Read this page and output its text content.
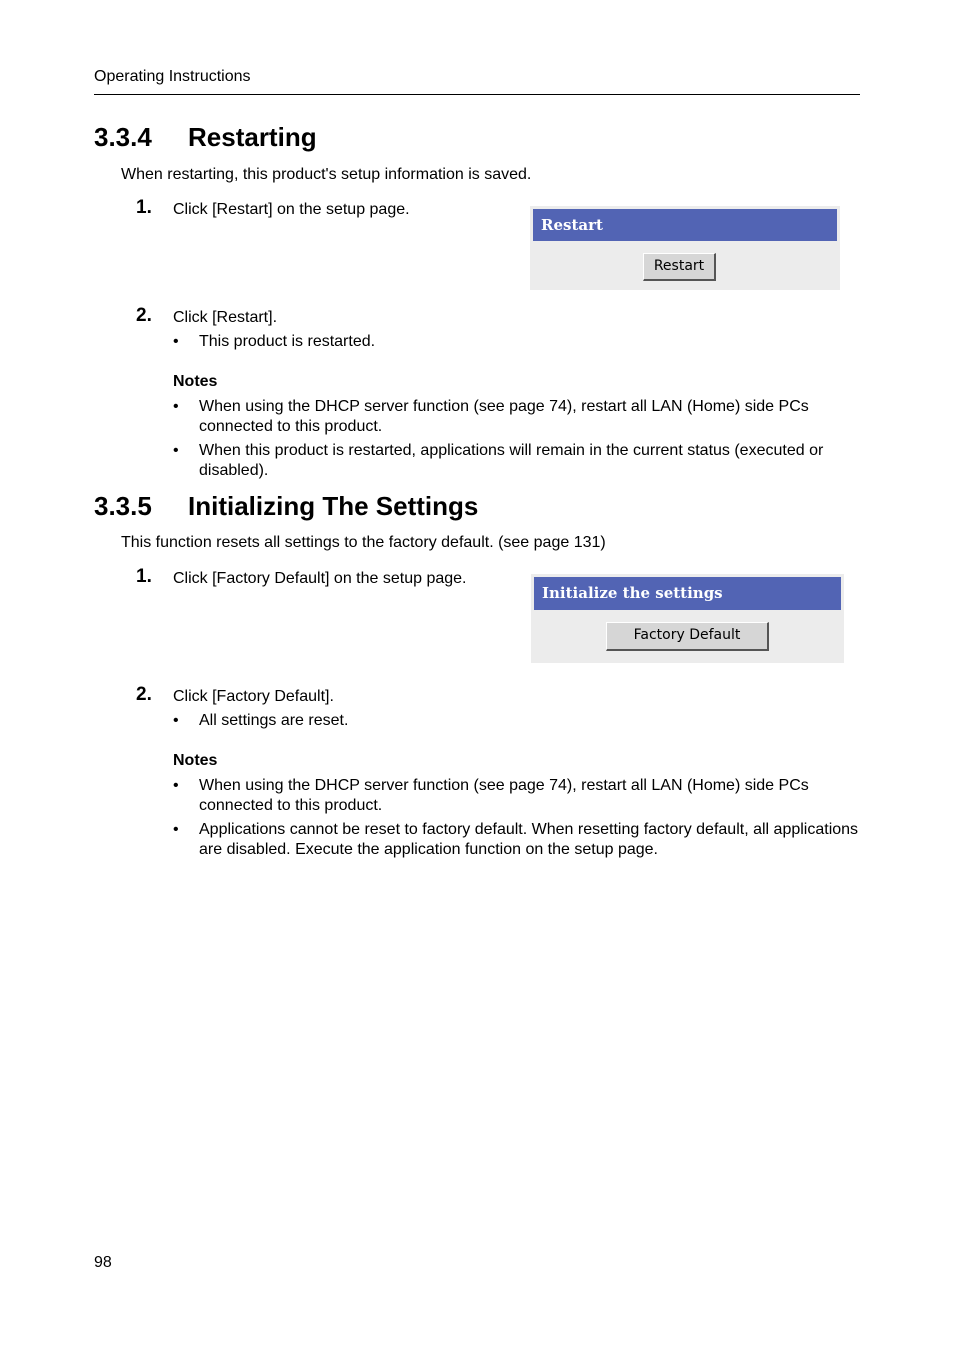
Operating Instructions
3.3.4 Restarting
When restarting, this product's setup information is saved.
1. Click [Restart] on the setup page.
Restart
Restart
2. Click [Restart].
• This product is restarted.
Notes
• When using the DHCP server function (see page 74), restart all LAN (Home) side PCs connected to this product.
• When this product is restarted, applications will remain in the current status (executed or disabled).
3.3.5 Initializing The Settings
This function resets all settings to the factory default. (see page 131)
1. Click [Factory Default] on the setup page.
Initialize the settings
Factory Default
2. Click [Factory Default].
• All settings are reset.
Notes
• When using the DHCP server function (see page 74), restart all LAN (Home) side PCs connected to this product.
• Applications cannot be reset to factory default. When resetting factory default, all applications are disabled. Execute the application function on the setup page.
98
